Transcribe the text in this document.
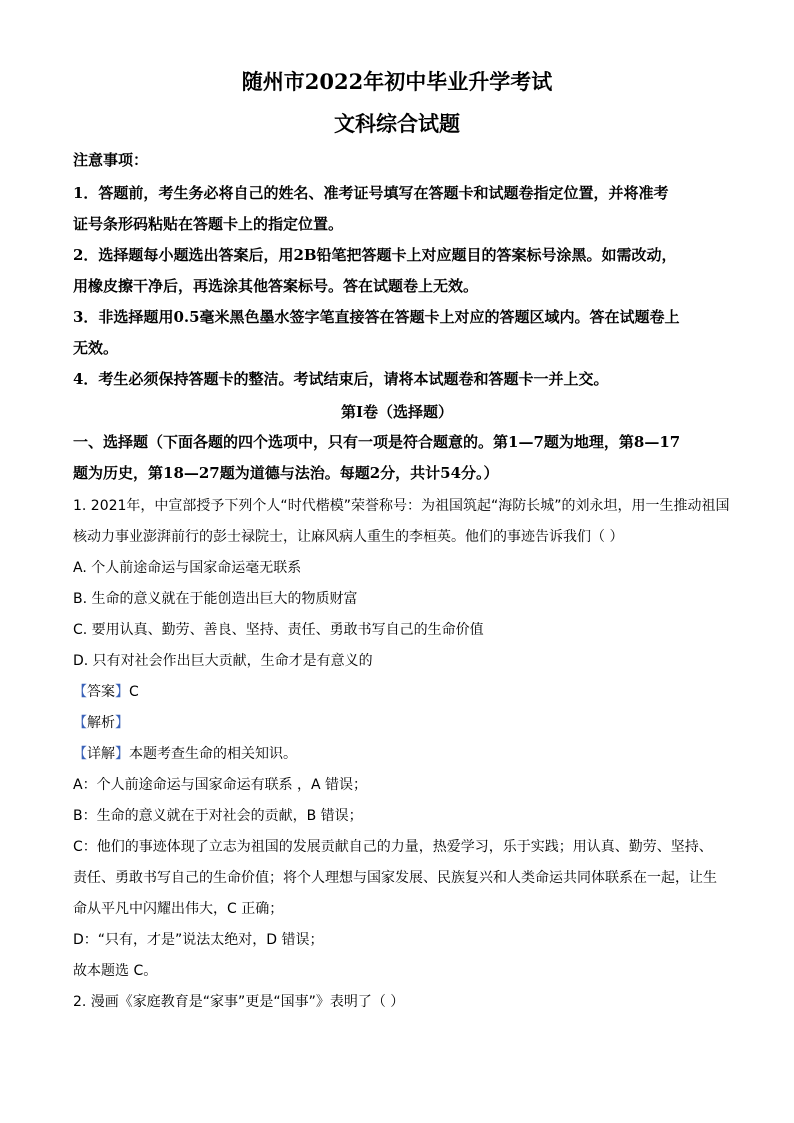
随州市2022年初中毕业升学考试
文科综合试题
注意事项：
1．答题前，考生务必将自己的姓名、准考证号填写在答题卡和试题卷指定位置，并将准考
证号条形码粘贴在答题卡上的指定位置。
2．选择题每小题选出答案后，用2B铅笔把答题卡上对应题目的答案标号涂黑。如需改动，
用橡皮擦干净后，再选涂其他答案标号。答在试题卷上无效。
3．非选择题用0.5毫米黑色墨水签字笔直接答在答题卡上对应的答题区域内。答在试题卷上
无效。
4．考生必须保持答题卡的整洁。考试结束后，请将本试题卷和答题卡一并上交。
第I卷（选择题）
一、选择题（下面各题的四个选项中，只有一项是符合题意的。第1—7题为地理，第8—17
题为历史，第18—27题为道德与法治。每题2分，共计54分。）
1. 2021年，中宣部授予下列个人“时代楷模”荣誉称号：为祖国筑起“海防长城”的刘永坦，用一生推动祖国
核动力事业澎湃前行的彭士禄院士，让麻风病人重生的李桓英。他们的事迹告诉我们（ ）
A. 个人前途命运与国家命运毫无联系
B. 生命的意义就在于能创造出巨大的物质财富
C. 要用认真、勤劳、善良、坚持、责任、勇敢书写自己的生命价值
D. 只有对社会作出巨大贡献，生命才是有意义的
【答案】C
【解析】
【详解】本题考查生命的相关知识。
A：个人前途命运与国家命运有联系 ，A 错误；
B：生命的意义就在于对社会的贡献，B 错误；
C：他们的事迹体现了立志为祖国的发展贡献自己的力量，热爱学习，乐于实践；用认真、勤劳、坚持、
责任、勇敢书写自己的生命价值；将个人理想与国家发展、民族复兴和人类命运共同体联系在一起，让生
命从平凡中闪耀出伟大，C 正确；
D：“只有，才是”说法太绝对，D 错误；
故本题选 C。
2. 漫画《家庭教育是“家事”更是“国事”》表明了（ ）
